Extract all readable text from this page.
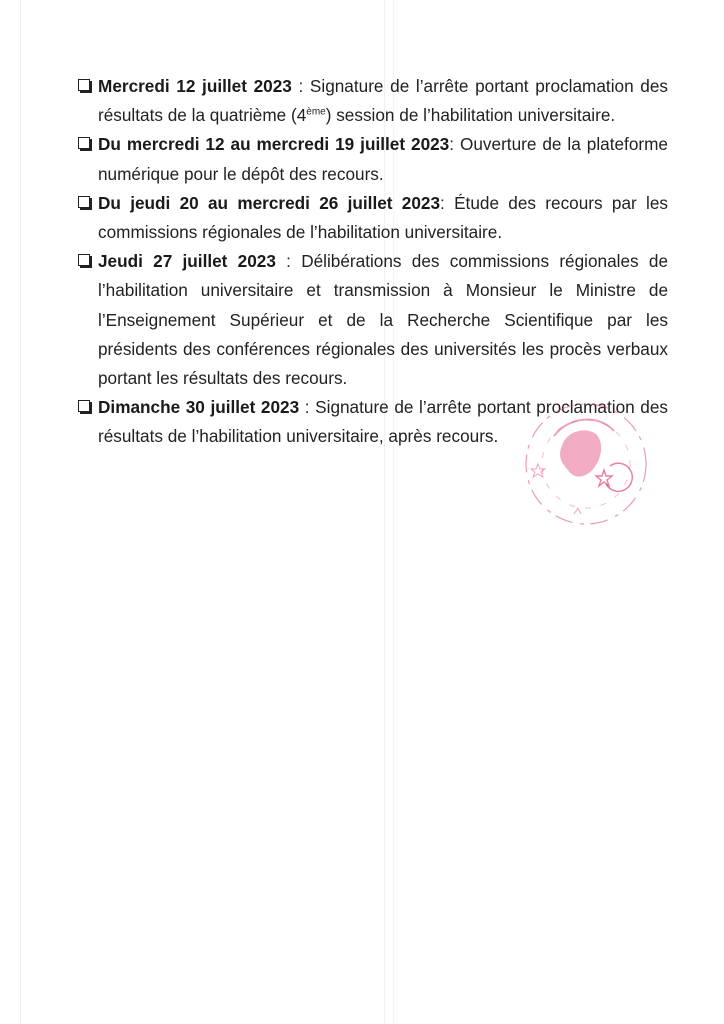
Mercredi 12 juillet 2023 : Signature de l’arrête portant proclamation des résultats de la quatrième (4ème) session de l’habilitation universitaire.

Du mercredi 12 au mercredi 19 juillet 2023: Ouverture de la plateforme numérique pour le dépôt des recours.

Du jeudi 20 au mercredi 26 juillet 2023: Étude des recours par les commissions régionales de l’habilitation universitaire.

Jeudi 27 juillet 2023 : Délibérations des commissions régionales de l’habilitation universitaire et transmission à Monsieur le Ministre de l’Enseignement Supérieur et de la Recherche Scientifique par les présidents des conférences régionales des universités les procès verbaux portant les résultats des recours.

Dimanche 30 juillet 2023 : Signature de l’arrête portant proclamation des résultats de l’habilitation universitaire, après recours.
